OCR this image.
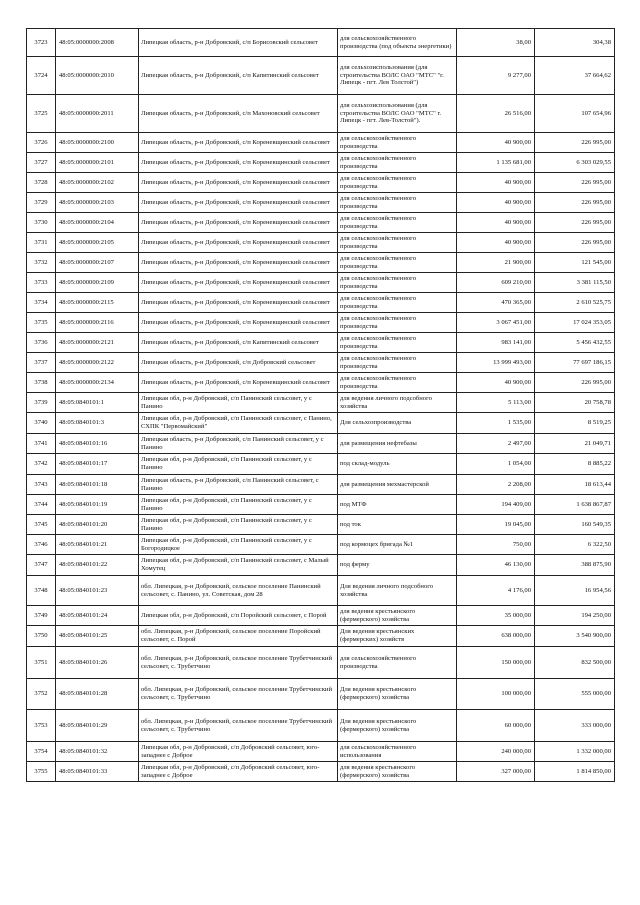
3723	48:05:0000000:2008	Липецкая область, р-н Добровский, с/п Борисовский сельсовет	для сельскохозяйственного производства (под объекты энергетики)	38,00	304,38
3724	48:05:0000000:2010	Липецкая область, р-н Добровский, с/п Капитинский сельсовет	для сельхозиспользования (для строительства ВОЛС ОАО "МТС" "г. Липецк - пгт. Лев Толстой")	9 277,00	37 664,62
3725	48:05:0000000:2011	Липецкая область, р-н Добровский, с/п Махоновский сельсовет	для сельхозиспользования (для строительства ВОЛС ОАО "МТС" г. Липецк - пгт. Лев-Толстой").	26 516,00	107 654,96
3726	48:05:0000000:2100	Липецкая область, р-н Добровский, с/п Кореневщинский сельсовет	для сельскохозяйственного производства	40 900,00	226 995,00
3727	48:05:0000000:2101	Липецкая область, р-н Добровский, с/п Кореневщинский сельсовет	для сельскохозяйственного производства	1 135 681,00	6 303 029,55
3728	48:05:0000000:2102	Липецкая область, р-н Добровский, с/п Кореневщинский сельсовет	для сельскохозяйственного производства	40 900,00	226 995,00
3729	48:05:0000000:2103	Липецкая область, р-н Добровский, с/п Кореневщинский сельсовет	для сельскохозяйственного производства	40 900,00	226 995,00
3730	48:05:0000000:2104	Липецкая область, р-н Добровский, с/п Кореневщинский сельсовет	для сельскохозяйственного производства	40 900,00	226 995,00
3731	48:05:0000000:2105	Липецкая область, р-н Добровский, с/п Кореневщинский сельсовет	для сельскохозяйственного производства	40 900,00	226 995,00
3732	48:05:0000000:2107	Липецкая область, р-н Добровский, с/п Кореневщинский сельсовет	для сельскохозяйственного производства	21 900,00	121 545,00
3733	48:05:0000000:2109	Липецкая область, р-н Добровский, с/п Кореневщинский сельсовет	для сельскохозяйственного производства	609 210,00	3 381 115,50
3734	48:05:0000000:2115	Липецкая область, р-н Добровский, с/п Кореневщинский сельсовет	для сельскохозяйственного производства	470 365,00	2 610 525,75
3735	48:05:0000000:2116	Липецкая область, р-н Добровский, с/п Кореневщинский сельсовет	для сельскохозяйственного производства	3 067 451,00	17 024 353,05
3736	48:05:0000000:2121	Липецкая область, р-н Добровский, с/п Капитинский сельсовет	для сельскохозяйственного производства	983 141,00	5 456 432,55
3737	48:05:0000000:2122	Липецкая область, р-н Добровский, с/п Добровский сельсовет	для сельскохозяйственного производства	13 999 493,00	77 697 186,15
3738	48:05:0000000:2134	Липецкая область, р-н Добровский, с/п Кореневщинский сельсовет	для сельскохозяйственного производства	40 900,00	226 995,00
3739	48:05:0840101:1	Липецкая обл, р-н Добровский, с/п Панинский сельсовет, у с Панино	для ведения личного подсобного хозяйства	5 113,00	20 758,78
3740	48:05:0840101:3	Липецкая обл, р-н Добровский, с/п Панинский сельсовет, с Панино, СХПК "Первомайский"	Для сельхозпроизводства	1 535,00	8 519,25
3741	48:05:0840101:16	Липецкая область, р-н Добровский, с/п Панинский сельсовет, у с Панино	для размещения нефтебазы	2 497,00	21 049,71
3742	48:05:0840101:17	Липецкая обл, р-н Добровский, с/п Панинский сельсовет, у с Панино	под склад-модуль	1 054,00	8 885,22
3743	48:05:0840101:18	Липецкая область, р-н Добровский, с/п Панинский сельсовет, с Панино	для размещения мехмастерской	2 208,00	18 613,44
3744	48:05:0840101:19	Липецкая обл, р-н Добровский, с/п Панинский сельсовет, у с Панино	под МТФ	194 409,00	1 638 867,87
3745	48:05:0840101:20	Липецкая обл, р-н Добровский, с/п Панинский сельсовет, у с Панино	под ток	19 045,00	160 549,35
3746	48:05:0840101:21	Липецкая обл, р-н Добровский, с/п Панинский сельсовет, у с Богородицкое	под кормоцех бригада №1	750,00	6 322,50
3747	48:05:0840101:22	Липецкая обл, р-н Добровский, с/п Панинский сельсовет, с Малый Хомутец	под ферму	46 130,00	388 875,90
3748	48:05:0840101:23	обл. Липецкая, р-н Добровский, сельское поселение Панинский сельсовет, с. Панино, ул. Советская, дом 28	Для ведения личного подсобного хозяйства	4 176,00	16 954,56
3749	48:05:0840101:24	Липецкая обл, р-н Добровский, с/п Поройский сельсовет, с Порой	для ведения крестьянского (фермерского) хозяйства	35 000,00	194 250,00
3750	48:05:0840101:25	обл. Липецкая, р-н Добровский, сельское поселение Поройский сельсовет, с. Порой	Для ведения крестьянских (фермерских) хозяйств	638 000,00	3 540 900,00
3751	48:05:0840101:26	обл. Липецкая, р-н Добровский, сельское поселение Трубетчинский сельсовет, с. Трубетчино	для сельскохозяйственного производства	150 000,00	832 500,00
3752	48:05:0840101:28	обл. Липецкая, р-н Добровский, сельское поселение Трубетчинский сельсовет, с. Трубетчино	Для ведения крестьянского (фермерского) хозяйства	100 000,00	555 000,00
3753	48:05:0840101:29	обл. Липецкая, р-н Добровский, сельское поселение Трубетчинский сельсовет, с. Трубетчино	Для ведения крестьянского (фермерского) хозяйства	60 000,00	333 000,00
3754	48:05:0840101:32	Липецкая обл, р-н Добровский, с/п Добровский сельсовет, юго-западнее с Доброе	для сельскохозяйственного использования	240 000,00	1 332 000,00
3755	48:05:0840101:33	Липецкая обл, р-н Добровский, с/п Добровский сельсовет, юго-западнее с Доброе	для ведения крестьянского (фермерского) хозяйства	327 000,00	1 814 850,00
